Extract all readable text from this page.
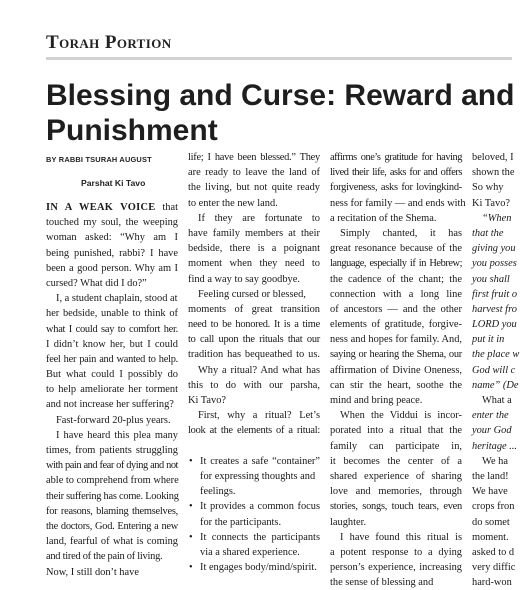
Torah Portion
Blessing and Curse: Reward and
Punishment
BY RABBI TSURAH AUGUST
Parshat Ki Tavo
IN A WEAK VOICE that
touched my soul, the weeping
woman asked: “Why am I
being punished, rabbi? I have
been a good person. Why am I
cursed? What did I do?”
I, a student chaplain, stood at
her bedside, unable to think of
what I could say to comfort her.
I didn’t know her, but I could
feel her pain and wanted to help.
But what could I possibly do
to help ameliorate her torment
and not increase her suffering?
Fast-forward 20-plus years.
I have heard this plea many
times, from patients struggling
with pain and fear of dying and not
able to comprehend from where
their suffering has come. Looking
for reasons, blaming themselves,
the doctors, God. Entering a new
land, fearful of what is coming
and tired of the pain of living.
Now, I still don’t have
life; I have been blessed.” They
are ready to leave the land of
the living, but not quite ready
to enter the new land.
If they are fortunate to
have family members at their
bedside, there is a poignant
moment when they need to
find a way to say goodbye.
Feeling cursed or blessed,
moments of great transition
need to be honored. It is a time
to call upon the rituals that our
tradition has bequeathed to us.
Why a ritual? And what has
this to do with our parsha,
Ki Tavo?
First, why a ritual? Let’s
look at the elements of a ritual:
• It creates a safe “container”
for expressing thoughts and
feelings.
• It provides a common focus
for the participants.
• It connects the participants
via a shared experience.
• It engages body/mind/spirit.
affirms one’s gratitude for having
lived their life, asks for and offers
forgiveness, asks for lovingkind-
ness for family — and ends with
a recitation of the Shema.
Simply chanted, it has
great resonance because of the
language, especially if in Hebrew;
the cadence of the chant; the
connection with a long line
of ancestors — and the other
elements of gratitude, forgive-
ness and hopes for family. And,
saying or hearing the Shema, our
affirmation of Divine Oneness,
can stir the heart, soothe the
mind and bring peace.
When the Viddui is incor-
porated into a ritual that the
family can participate in,
it becomes the center of a
shared experience of sharing
love and memories, through
stories, songs, touch tears, even
laughter.
I have found this ritual is
a potent response to a dying
person’s experience, increasing
the sense of blessing and
beloved, I
shown the
So why
Ki Tavo?
“When
that the
giving you
you posses
you shall
first fruit o
harvest fro
LORD you
put it in
the place w
God will c
name” (De
What a
enter the
your God
heritage ...
We ha
the land!
We have
crops fron
do somet
moment.
asked to d
very diffic
hard-won
